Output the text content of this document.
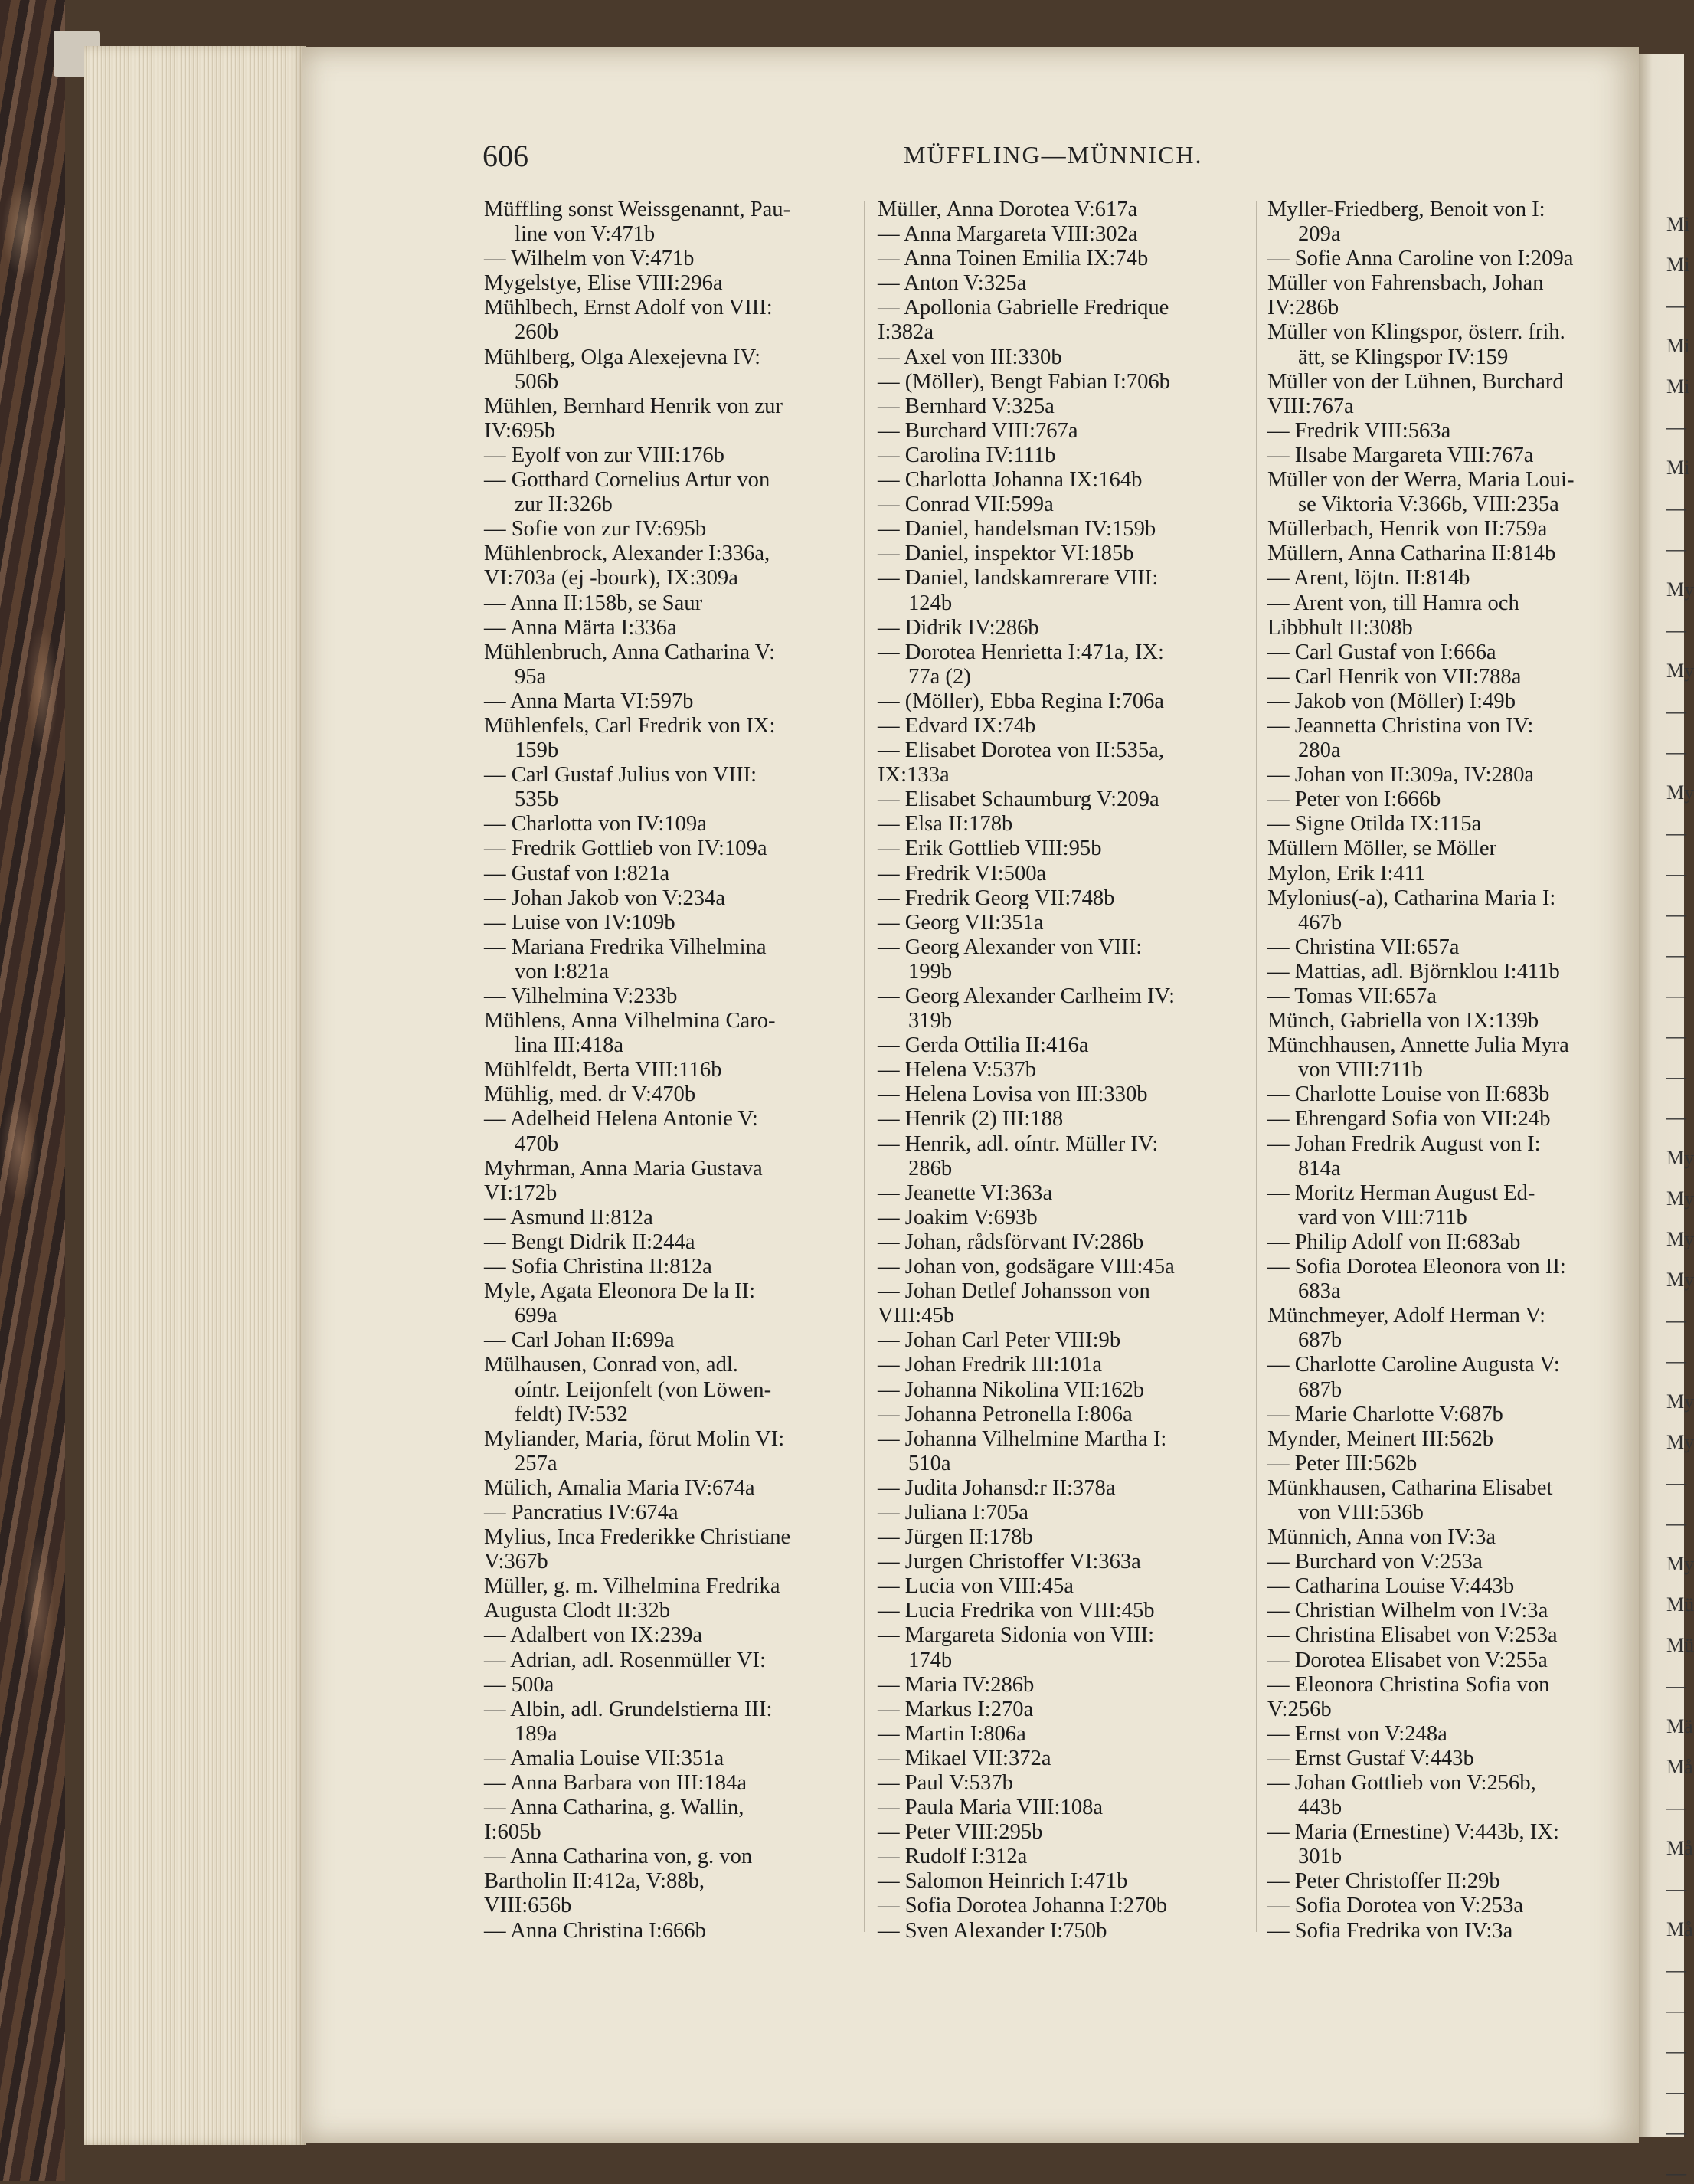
606	MÜFFLING—MÜNNICH.
Müffling sonst Weissgenannt, Pau-
line von V:471b
— Wilhelm von V:471b
Mygelstye, Elise VIII:296a
Mühlbech, Ernst Adolf von VIII:
260b
Mühlberg, Olga Alexejevna IV:
506b
Mühlen, Bernhard Henrik von zur
IV:695b
— Eyolf von zur VIII:176b
— Gotthard Cornelius Artur von
zur II:326b
— Sofie von zur IV:695b
Mühlenbrock, Alexander I:336a,
VI:703a (ej -bourk), IX:309a
— Anna II:158b, se Saur
— Anna Märta I:336a
Mühlenbruch, Anna Catharina V:
95a
— Anna Marta VI:597b
Mühlenfels, Carl Fredrik von IX:
159b
— Carl Gustaf Julius von VIII:
535b
— Charlotta von IV:109a
— Fredrik Gottlieb von IV:109a
— Gustaf von I:821a
— Johan Jakob von V:234a
— Luise von IV:109b
— Mariana Fredrika Vilhelmina
von I:821a
— Vilhelmina V:233b
Mühlens, Anna Vilhelmina Caro-
lina III:418a
Mühlfeldt, Berta VIII:116b
Mühlig, med. dr V:470b
— Adelheid Helena Antonie V:
470b
Myhrman, Anna Maria Gustava
VI:172b
— Asmund II:812a
— Bengt Didrik II:244a
— Sofia Christina II:812a
Myle, Agata Eleonora De la II:
699a
— Carl Johan II:699a
Mülhausen, Conrad von, adl.
oíntr. Leijonfelt (von Löwen-
feldt) IV:532
Myliander, Maria, förut Molin VI:
257a
Mülich, Amalia Maria IV:674a
— Pancratius IV:674a
Mylius, Inca Frederikke Christiane
V:367b
Müller, g. m. Vilhelmina Fredrika
Augusta Clodt II:32b
— Adalbert von IX:239a
— Adrian, adl. Rosenmüller VI:
— 500a
— Albin, adl. Grundelstierna III:
189a
— Amalia Louise VII:351a
— Anna Barbara von III:184a
— Anna Catharina, g. Wallin,
I:605b
— Anna Catharina von, g. von
Bartholin II:412a, V:88b,
VIII:656b
— Anna Christina I:666b
Müller, Anna Dorotea V:617a
— Anna Margareta VIII:302a
— Anna Toinen Emilia IX:74b
— Anton V:325a
— Apollonia Gabrielle Fredrique
I:382a
— Axel von III:330b
— (Möller), Bengt Fabian I:706b
— Bernhard V:325a
— Burchard VIII:767a
— Carolina IV:111b
— Charlotta Johanna IX:164b
— Conrad VII:599a
— Daniel, handelsman IV:159b
— Daniel, inspektor VI:185b
— Daniel, landskamrerare VIII:
124b
— Didrik IV:286b
— Dorotea Henrietta I:471a, IX:
77a (2)
— (Möller), Ebba Regina I:706a
— Edvard IX:74b
— Elisabet Dorotea von II:535a,
IX:133a
— Elisabet Schaumburg V:209a
— Elsa II:178b
— Erik Gottlieb VIII:95b
— Fredrik VI:500a
— Fredrik Georg VII:748b
— Georg VII:351a
— Georg Alexander von VIII:
199b
— Georg Alexander Carlheim IV:
319b
— Gerda Ottilia II:416a
— Helena V:537b
— Helena Lovisa von III:330b
— Henrik (2) III:188
— Henrik, adl. oíntr. Müller IV:
286b
— Jeanette VI:363a
— Joakim V:693b
— Johan, rådsförvant IV:286b
— Johan von, godsägare VIII:45a
— Johan Detlef Johansson von
VIII:45b
— Johan Carl Peter VIII:9b
— Johan Fredrik III:101a
— Johanna Nikolina VII:162b
— Johanna Petronella I:806a
— Johanna Vilhelmine Martha I:
510a
— Judita Johansd:r II:378a
— Juliana I:705a
— Jürgen II:178b
— Jurgen Christoffer VI:363a
— Lucia von VIII:45a
— Lucia Fredrika von VIII:45b
— Margareta Sidonia von VIII:
174b
— Maria IV:286b
— Markus I:270a
— Martin I:806a
— Mikael VII:372a
— Paul V:537b
— Paula Maria VIII:108a
— Peter VIII:295b
— Rudolf I:312a
— Salomon Heinrich I:471b
— Sofia Dorotea Johanna I:270b
— Sven Alexander I:750b
Myller-Friedberg, Benoit von I:
209a
— Sofie Anna Caroline von I:209a
Müller von Fahrensbach, Johan
IV:286b
Müller von Klingspor, österr. frih.
ätt, se Klingspor IV:159
Müller von der Lühnen, Burchard
VIII:767a
— Fredrik VIII:563a
— Ilsabe Margareta VIII:767a
Müller von der Werra, Maria Loui-
se Viktoria V:366b, VIII:235a
Müllerbach, Henrik von II:759a
Müllern, Anna Catharina II:814b
— Arent, löjtn. II:814b
— Arent von, till Hamra och
Libbhult II:308b
— Carl Gustaf von I:666a
— Carl Henrik von VII:788a
— Jakob von (Möller) I:49b
— Jeannetta Christina von IV:
280a
— Johan von II:309a, IV:280a
— Peter von I:666b
— Signe Otilda IX:115a
Müllern Möller, se Möller
Mylon, Erik I:411
Mylonius(-a), Catharina Maria I:
467b
— Christina VII:657a
— Mattias, adl. Björnklou I:411b
— Tomas VII:657a
Münch, Gabriella von IX:139b
Münchhausen, Annette Julia Myra
von VIII:711b
— Charlotte Louise von II:683b
— Ehrengard Sofia von VII:24b
— Johan Fredrik August von I:
814a
— Moritz Herman August Ed-
vard von VIII:711b
— Philip Adolf von II:683ab
— Sofia Dorotea Eleonora von II:
683a
Münchmeyer, Adolf Herman V:
687b
— Charlotte Caroline Augusta V:
687b
— Marie Charlotte V:687b
Mynder, Meinert III:562b
— Peter III:562b
Münkhausen, Catharina Elisabet
von VIII:536b
Münnich, Anna von IV:3a
— Burchard von V:253a
— Catharina Louise V:443b
— Christian Wilhelm von IV:3a
— Christina Elisabet von V:253a
— Dorotea Elisabet von V:255a
— Eleonora Christina Sofia von
V:256b
— Ernst von V:248a
— Ernst Gustaf V:443b
— Johan Gottlieb von V:256b,
443b
— Maria (Ernestine) V:443b, IX:
301b
— Peter Christoffer II:29b
— Sofia Dorotea von V:253a
— Sofia Fredrika von IV:3a
Mi
Mi
—
Mi
Mi
—
Mi
—
—
My
—
My
—
—
My
—
—
—
—
—
—
—
—
My
My
My
My
—
—
My
My
—
—
My
Mü
Mü
—
Mä
Må
—
Må
—
Må
—
—
—
—
—
—
